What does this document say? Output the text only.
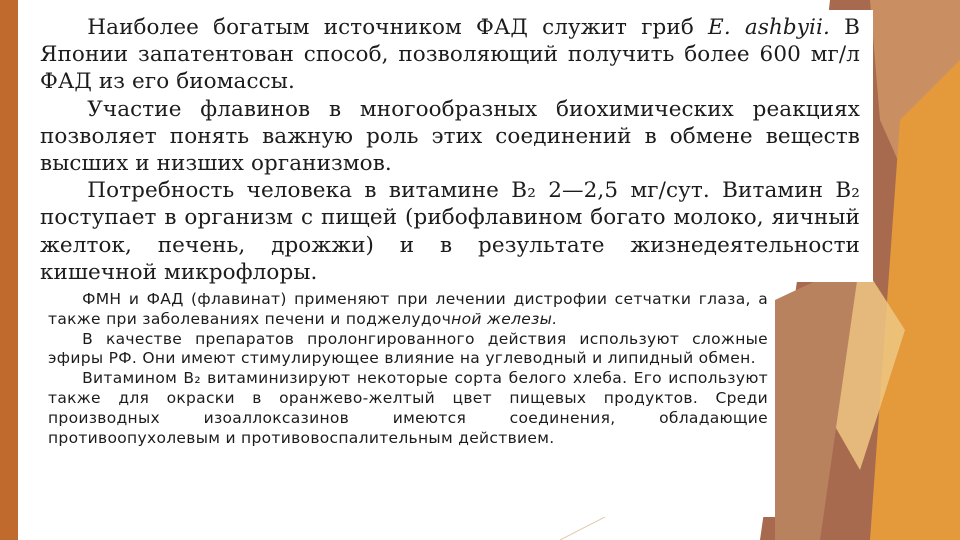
Наиболее богатым источником ФАД служит гриб E. ashbyii. В Японии запатентован способ, позволяющий получить более 600 мг/л ФАД из его биомассы.

Участие флавинов в многообразных биохимических реакциях позволяет понять важную роль этих соединений в обмене веществ высших и низших организмов.

Потребность человека в витамине B₂ 2—2,5 мг/сут. Витамин B₂ поступает в организм с пищей (рибофлавином богато молоко, яичный желток, печень, дрожжи) и в результате жизнедеятельности кишечной микрофлоры.

ФМН и ФАД (флавинат) применяют при лечении дистрофии сетчатки глаза, а также при заболеваниях печени и поджелудочной железы.

В качестве препаратов пролонгированного действия используют сложные эфиры РФ. Они имеют стимулирующее влияние на углеводный и липидный обмен.

Витамином B₂ витаминизируют некоторые сорта белого хлеба. Его используют также для окраски в оранжево-желтый цвет пищевых продуктов. Среди производных изоаллоксазинов имеются соединения, обладающие противоопухолевым и противовоспалительным действием.
